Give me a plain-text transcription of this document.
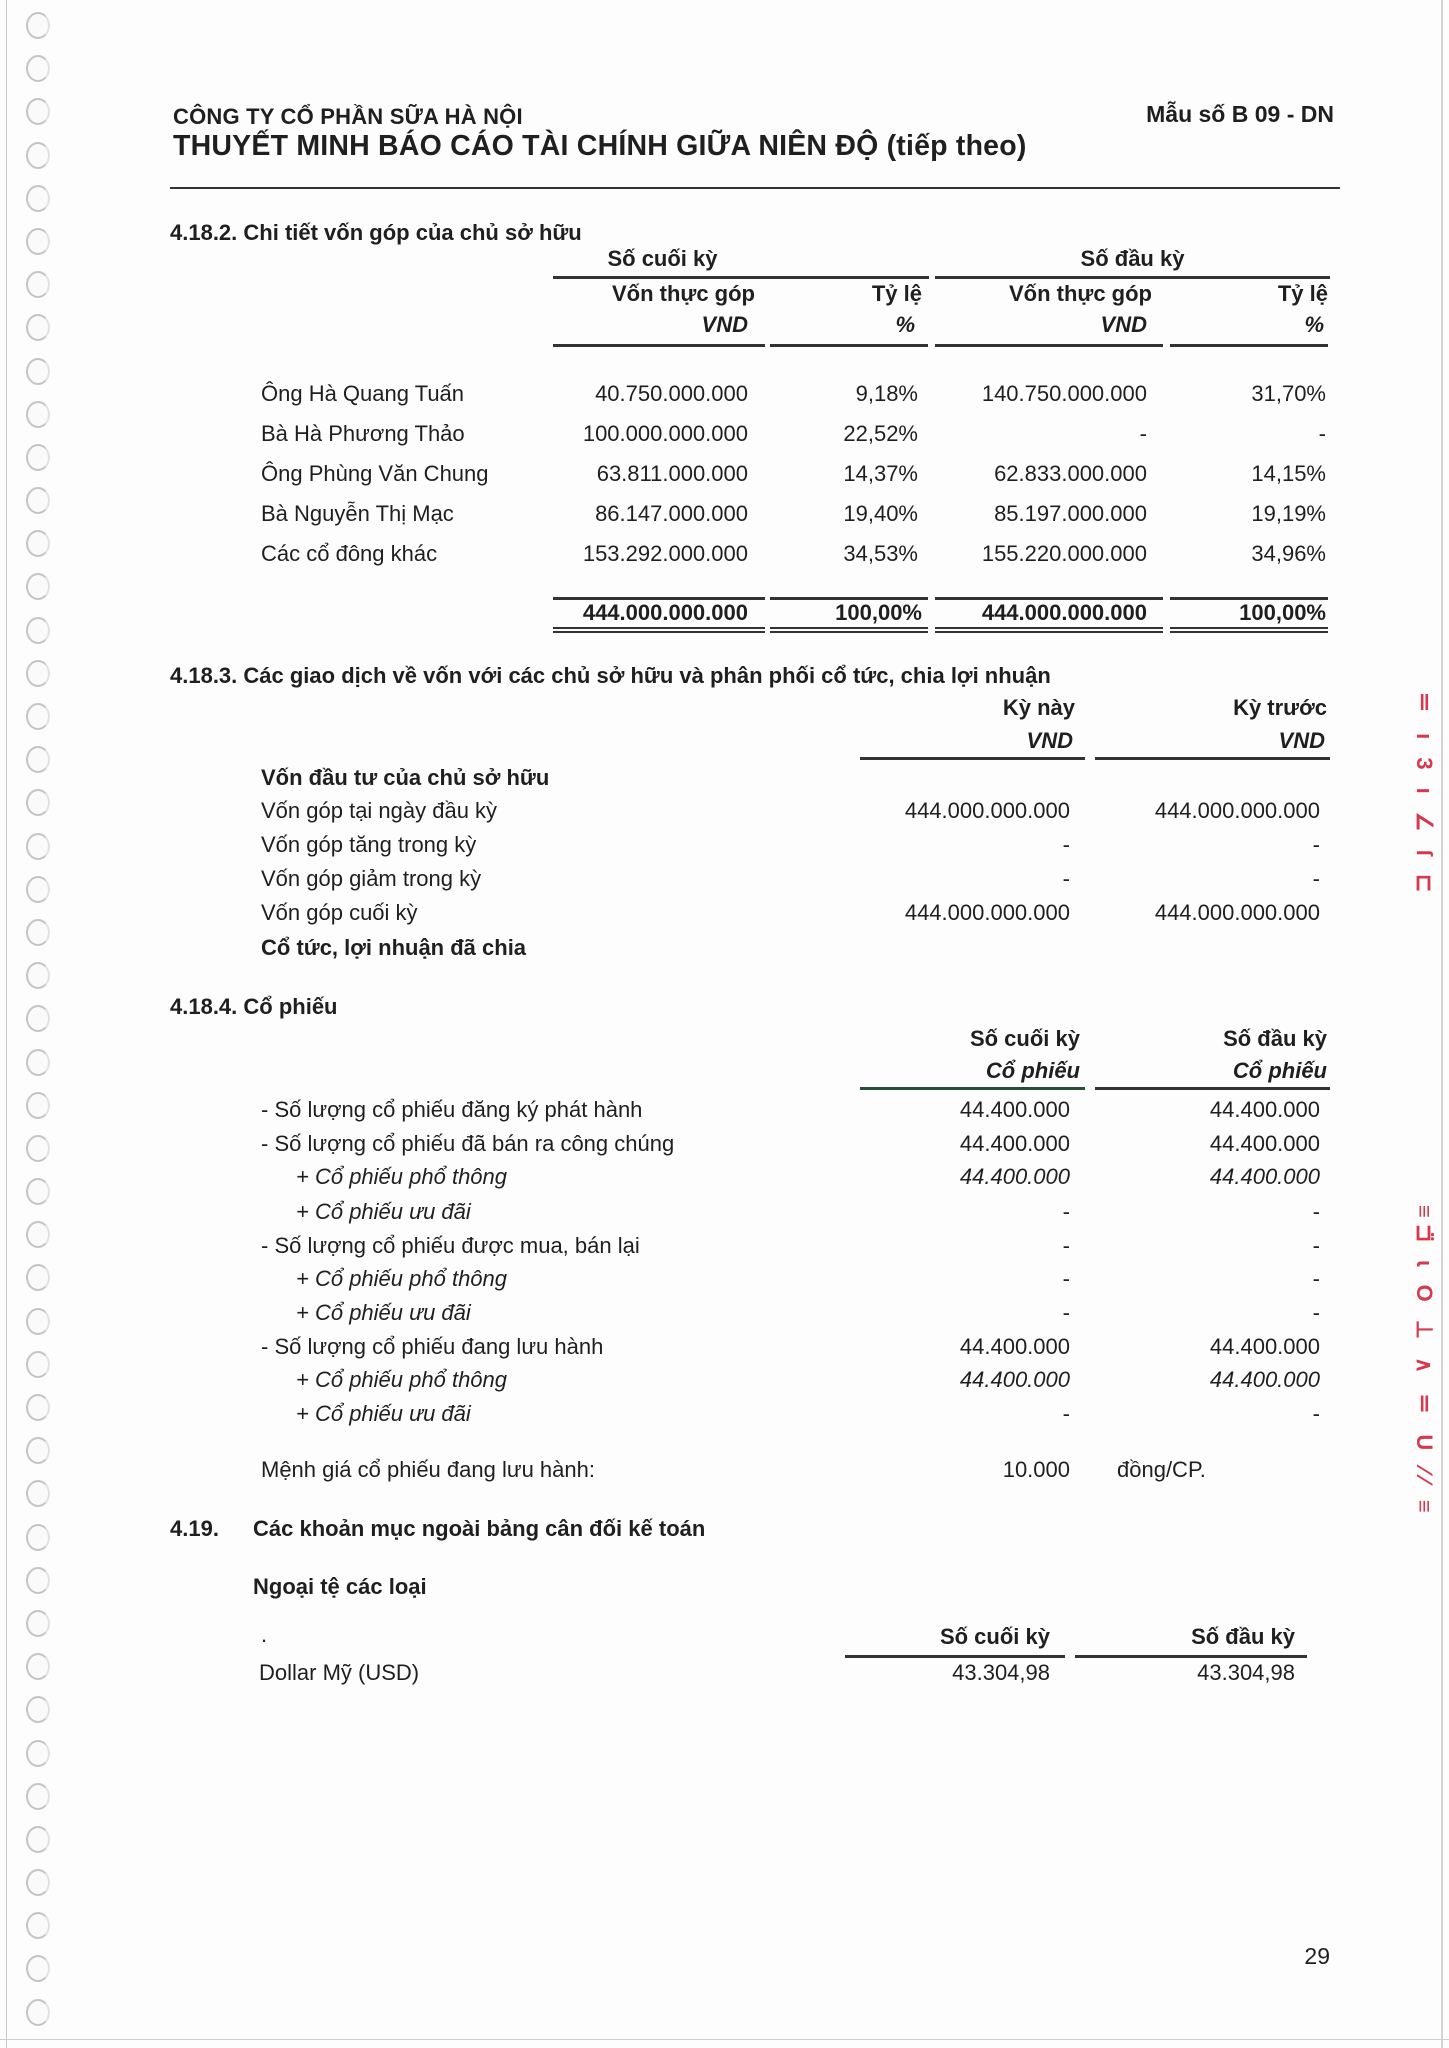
‖ ı ﻿3 ı ∠ ſ ⊏
≡⊐̈ ɩ O ⊥ ∧ ‖ U ⁄⁄ ≡
CÔNG TY CỔ PHẦN SỮA HÀ NỘI	Mẫu số B 09 - DN
THUYẾT MINH BÁO CÁO TÀI CHÍNH GIỮA NIÊN ĐỘ (tiếp theo)
4.18.2. Chi tiết vốn góp của chủ sở hữu
Số cuối kỳ	Số đầu kỳ
Vốn thực góp	Tỷ lệ	Vốn thực góp	Tỷ lệ
VND	%	VND	%
Ông Hà Quang Tuấn	40.750.000.000	9,18%	140.750.000.000	31,70%
Bà Hà Phương Thảo	100.000.000.000	22,52%	-	-
Ông Phùng Văn Chung	63.811.000.000	14,37%	62.833.000.000	14,15%
Bà Nguyễn Thị Mạc	86.147.000.000	19,40%	85.197.000.000	19,19%
Các cổ đông khác	153.292.000.000	34,53%	155.220.000.000	34,96%
444.000.000.000	100,00%	444.000.000.000	100,00%
4.18.3. Các giao dịch về vốn với các chủ sở hữu và phân phối cổ tức, chia lợi nhuận
Kỳ này	Kỳ trước
VND	VND
Vốn đầu tư của chủ sở hữu
Vốn góp tại ngày đầu kỳ	444.000.000.000	444.000.000.000
Vốn góp tăng trong kỳ	-	-
Vốn góp giảm trong kỳ	-	-
Vốn góp cuối kỳ	444.000.000.000	444.000.000.000
Cổ tức, lợi nhuận đã chia
4.18.4. Cổ phiếu
Số cuối kỳ	Số đầu kỳ
Cổ phiếu	Cổ phiếu
- Số lượng cổ phiếu đăng ký phát hành	44.400.000	44.400.000
- Số lượng cổ phiếu đã bán ra công chúng	44.400.000	44.400.000
+ Cổ phiếu phổ thông	44.400.000	44.400.000
+ Cổ phiếu ưu đãi	-	-
- Số lượng cổ phiếu được mua, bán lại	-	-
+ Cổ phiếu phổ thông	-	-
+ Cổ phiếu ưu đãi	-	-
- Số lượng cổ phiếu đang lưu hành	44.400.000	44.400.000
+ Cổ phiếu phổ thông	44.400.000	44.400.000
+ Cổ phiếu ưu đãi	-	-
Mệnh giá cổ phiếu đang lưu hành:	10.000 đồng/CP.
4.19. Các khoản mục ngoài bảng cân đối kế toán
Ngoại tệ các loại
.	Số cuối kỳ	Số đầu kỳ
Dollar Mỹ (USD)	43.304,98	43.304,98
29
